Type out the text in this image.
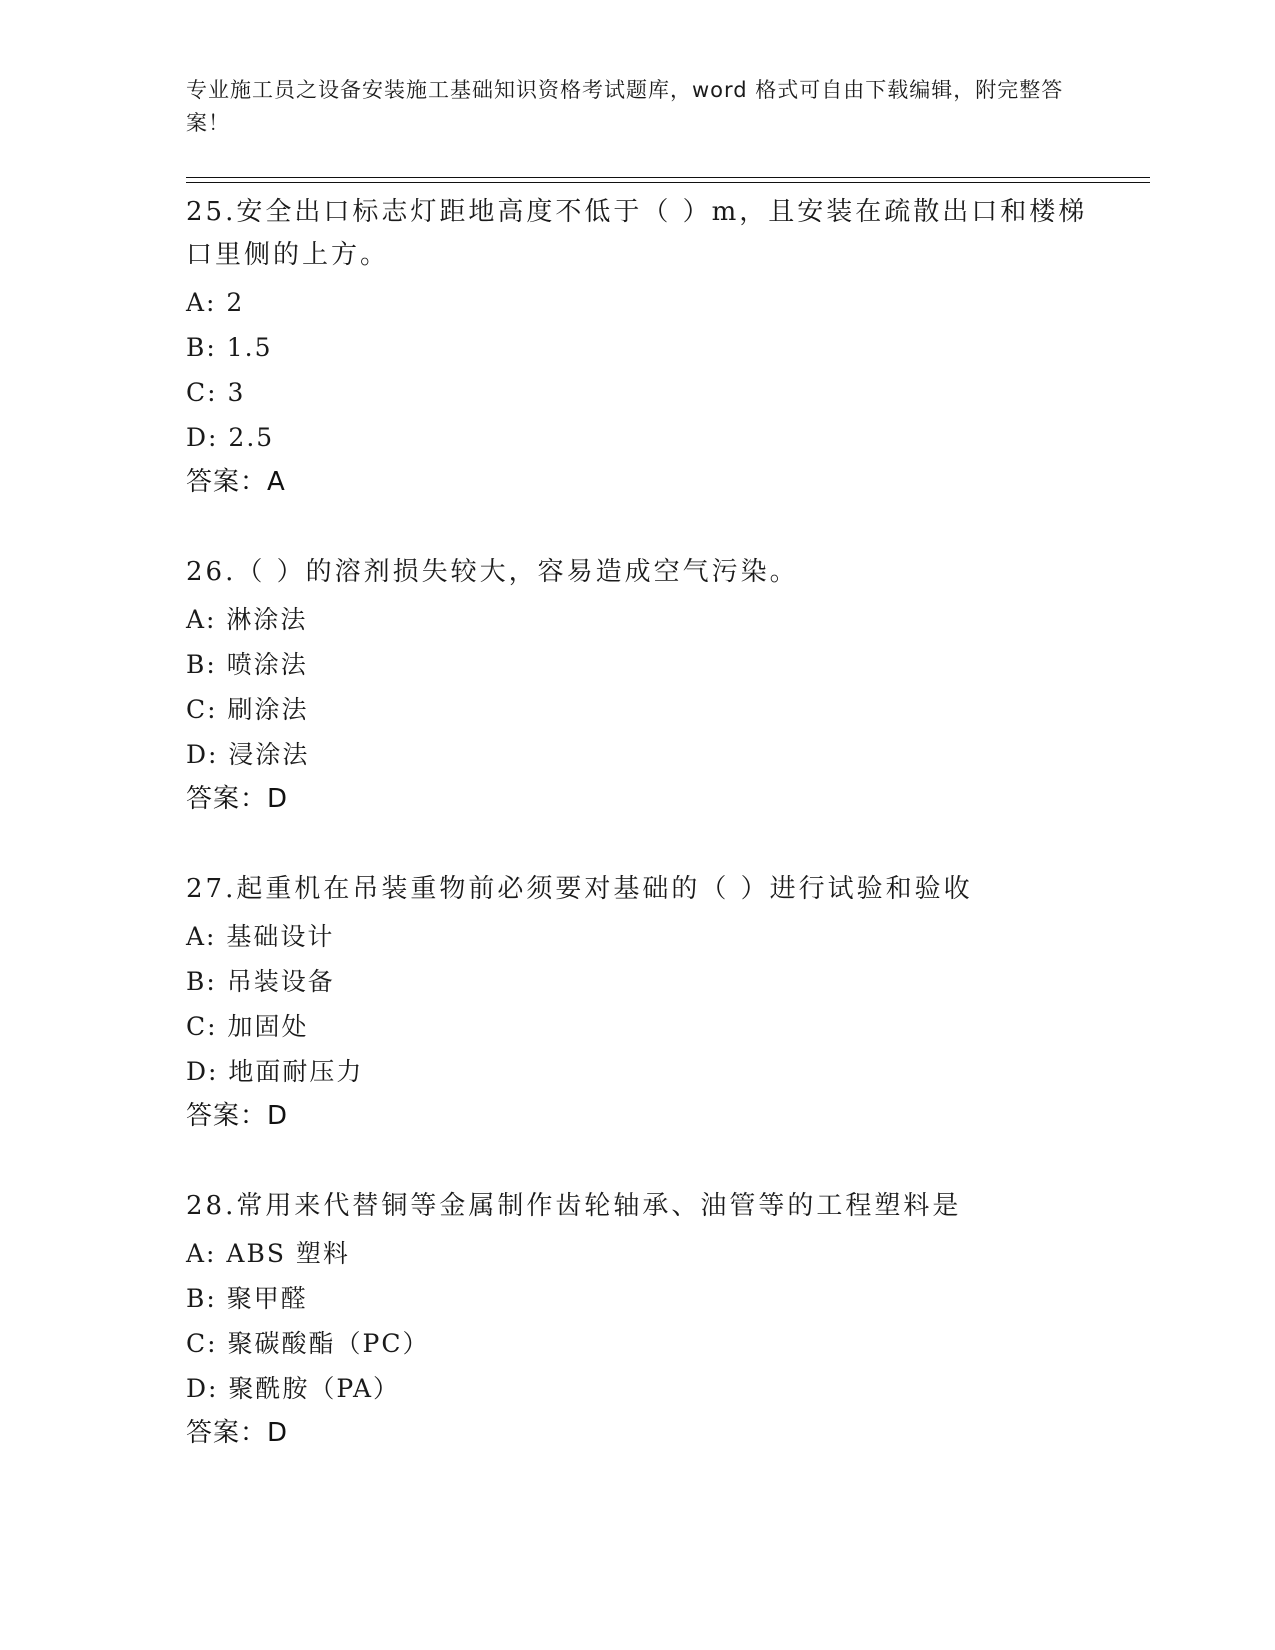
专业施工员之设备安装施工基础知识资格考试题库，word 格式可自由下载编辑，附完整答案！
25.安全出口标志灯距地高度不低于（ ）m，且安装在疏散出口和楼梯口里侧的上方。
A: 2
B: 1.5
C: 3
D: 2.5
答案：A
26.（ ）的溶剂损失较大，容易造成空气污染。
A: 淋涂法
B: 喷涂法
C: 刷涂法
D: 浸涂法
答案：D
27.起重机在吊装重物前必须要对基础的（ ）进行试验和验收
A: 基础设计
B: 吊装设备
C: 加固处
D: 地面耐压力
答案：D
28.常用来代替铜等金属制作齿轮轴承、油管等的工程塑料是
A: ABS 塑料
B: 聚甲醛
C: 聚碳酸酯（PC）
D: 聚酰胺（PA）
答案：D
